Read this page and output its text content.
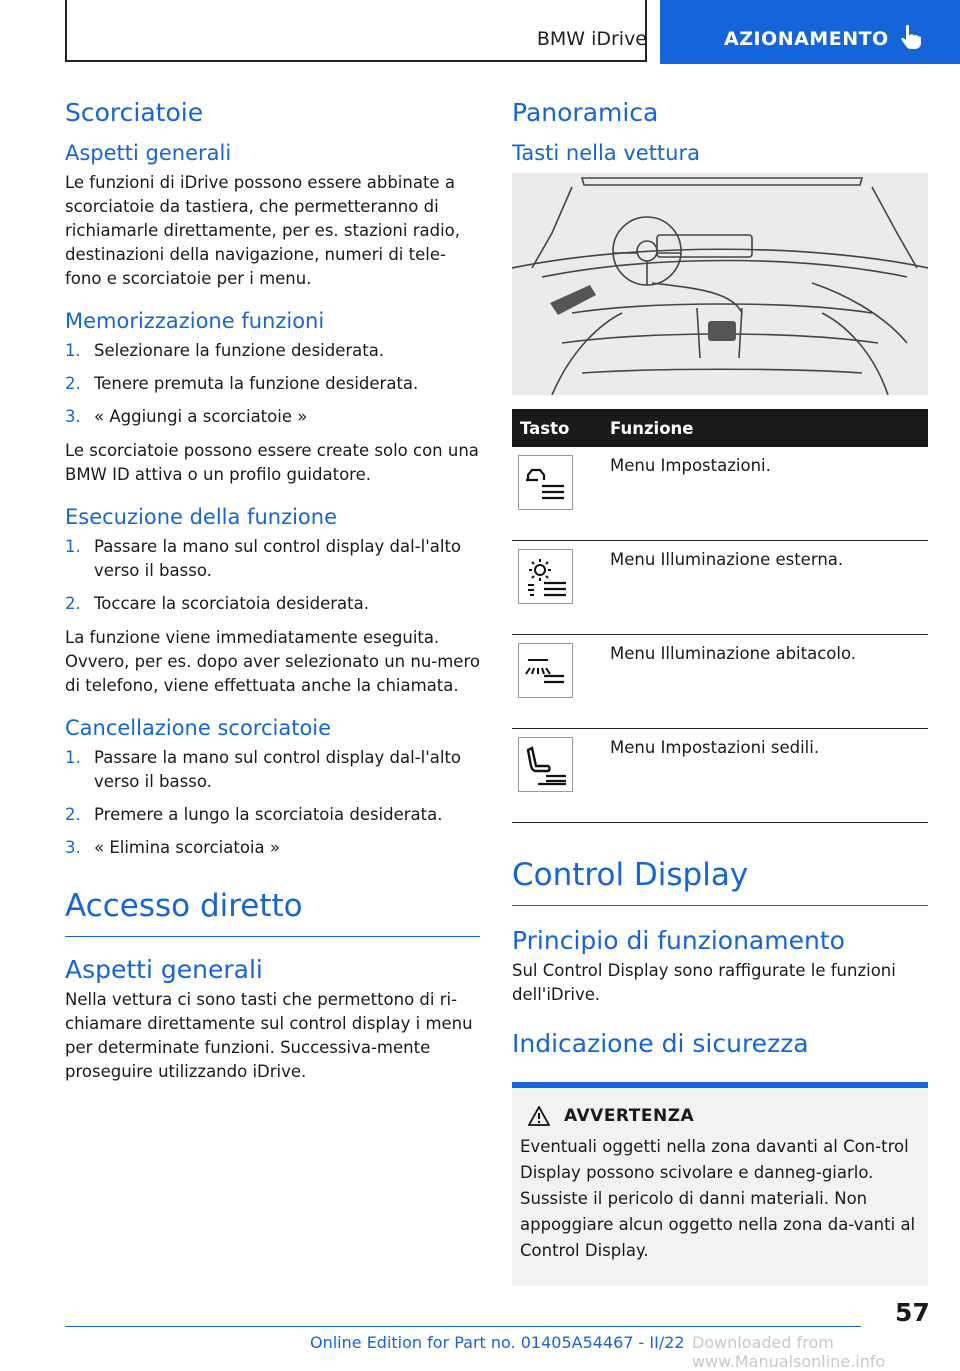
BMW iDrive	AZIONAMENTO
Scorciatoie
Aspetti generali

Le funzioni di iDrive possono essere abbinate a scorciatoie da tastiera, che permetteranno di richiamarle direttamente, per es. stazioni radio, destinazioni della navigazione, numeri di tele-fono e scorciatoie per i menu.

Memorizzazione funzioni
1. Selezionare la funzione desiderata.
2. Tenere premuta la funzione desiderata.
3. « Aggiungi a scorciatoie »

Le scorciatoie possono essere create solo con una BMW ID attiva o un profilo guidatore.

Esecuzione della funzione
1. Passare la mano sul control display dal-l'alto verso il basso.
2. Toccare la scorciatoia desiderata.

La funzione viene immediatamente eseguita. Ovvero, per es. dopo aver selezionato un nu-mero di telefono, viene effettuata anche la chiamata.

Cancellazione scorciatoie
1. Passare la mano sul control display dal-l'alto verso il basso.
2. Premere a lungo la scorciatoia desiderata.
3. « Elimina scorciatoia »
Accesso diretto
Aspetti generali

Nella vettura ci sono tasti che permettono di ri-chiamare direttamente sul control display i menu per determinate funzioni. Successiva-mente proseguire utilizzando iDrive.

Panoramica
Tasti nella vettura
Tasto	Funzione

	Menu Impostazioni.

	Menu Illuminazione esterna.

	Menu Illuminazione abitacolo.

	Menu Impostazioni sedili.
Control Display
Principio di funzionamento

Sul Control Display sono raffigurate le funzioni dell'iDrive.

Indicazione di sicurezza
AVVERTENZA

Eventuali oggetti nella zona davanti al Con-trol Display possono scivolare e danneg-giarlo. Sussiste il pericolo di danni materiali. Non appoggiare alcun oggetto nella zona da-vanti al Control Display.

57
Online Edition for Part no. 01405A54467 - II/22 Downloaded from www.Manualsonline.info
